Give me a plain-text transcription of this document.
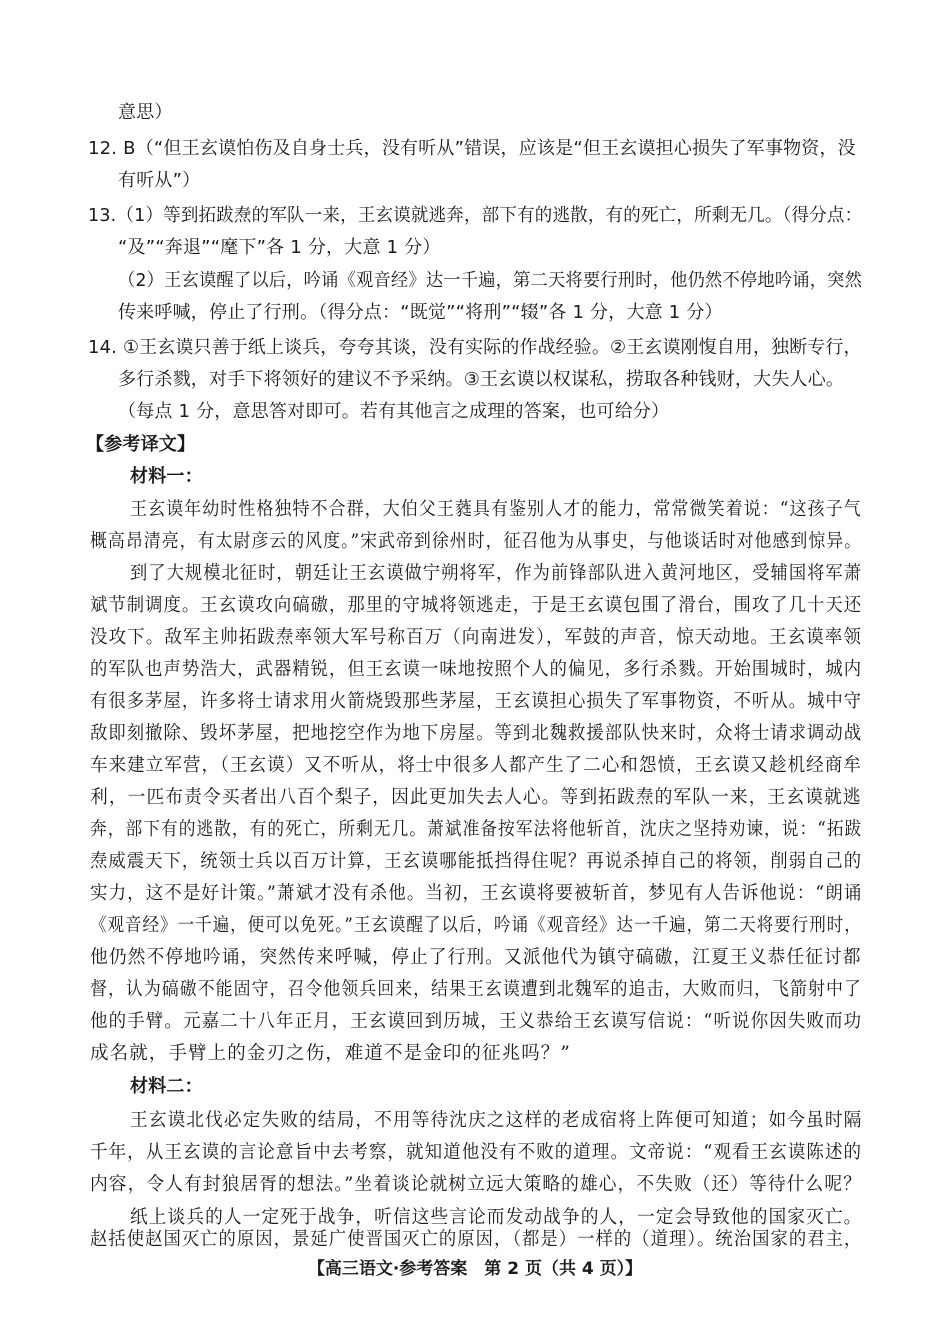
意思）
12. B（“但王玄谟怕伤及自身士兵，没有听从”错误，应该是“但王玄谟担心损失了军事物资，没
有听从”）
13.（1）等到拓跋焘的军队一来，王玄谟就逃奔，部下有的逃散，有的死亡，所剩无几。（得分点：
“及”“奔退”“麾下”各 1 分，大意 1 分）
（2）王玄谟醒了以后，吟诵《观音经》达一千遍，第二天将要行刑时，他仍然不停地吟诵，突然
传来呼喊，停止了行刑。（得分点：“既觉”“将刑”“辍”各 1 分，大意 1 分）
14. ①王玄谟只善于纸上谈兵，夸夸其谈，没有实际的作战经验。②王玄谟刚愎自用，独断专行，
多行杀戮，对手下将领好的建议不予采纳。③王玄谟以权谋私，捞取各种钱财，大失人心。
（每点 1 分，意思答对即可。若有其他言之成理的答案，也可给分）
【参考译文】
材料一：
王玄谟年幼时性格独特不合群，大伯父王蕤具有鉴别人才的能力，常常微笑着说：“这孩子气
概高昂清亮，有太尉彦云的风度。”宋武帝到徐州时，征召他为从事史，与他谈话时对他感到惊异。
到了大规模北征时，朝廷让王玄谟做宁朔将军，作为前锋部队进入黄河地区，受辅国将军萧
斌节制调度。王玄谟攻向碻磝，那里的守城将领逃走，于是王玄谟包围了滑台，围攻了几十天还
没攻下。敌军主帅拓跋焘率领大军号称百万（向南进发），军鼓的声音，惊天动地。王玄谟率领
的军队也声势浩大，武器精锐，但王玄谟一味地按照个人的偏见，多行杀戮。开始围城时，城内
有很多茅屋，许多将士请求用火箭烧毁那些茅屋，王玄谟担心损失了军事物资，不听从。城中守
敌即刻撤除、毁坏茅屋，把地挖空作为地下房屋。等到北魏救援部队快来时，众将士请求调动战
车来建立军营，（王玄谟）又不听从，将士中很多人都产生了二心和怨愤，王玄谟又趁机经商牟
利，一匹布责令买者出八百个梨子，因此更加失去人心。等到拓跋焘的军队一来，王玄谟就逃
奔，部下有的逃散，有的死亡，所剩无几。萧斌准备按军法将他斩首，沈庆之坚持劝谏，说：“拓跋
焘威震天下，统领士兵以百万计算，王玄谟哪能抵挡得住呢？再说杀掉自己的将领，削弱自己的
实力，这不是好计策。”萧斌才没有杀他。当初，王玄谟将要被斩首，梦见有人告诉他说：“朗诵
《观音经》一千遍，便可以免死。”王玄谟醒了以后，吟诵《观音经》达一千遍，第二天将要行刑时，
他仍然不停地吟诵，突然传来呼喊，停止了行刑。又派他代为镇守碻磝，江夏王义恭任征讨都
督，认为碻磝不能固守，召令他领兵回来，结果王玄谟遭到北魏军的追击，大败而归，飞箭射中了
他的手臂。元嘉二十八年正月，王玄谟回到历城，王义恭给王玄谟写信说：“听说你因失败而功
成名就，手臂上的金刃之伤，难道不是金印的征兆吗？”
材料二：
王玄谟北伐必定失败的结局，不用等待沈庆之这样的老成宿将上阵便可知道；如今虽时隔
千年，从王玄谟的言论意旨中去考察，就知道他没有不败的道理。文帝说：“观看王玄谟陈述的
内容，令人有封狼居胥的想法。”坐着谈论就树立远大策略的雄心，不失败（还）等待什么呢？
纸上谈兵的人一定死于战争，听信这些言论而发动战争的人，一定会导致他的国家灭亡。
赵括使赵国灭亡的原因，景延广使晋国灭亡的原因，（都是）一样的（道理）。统治国家的君主，
【高三语文·参考答案　第 2 页（共 4 页）】
